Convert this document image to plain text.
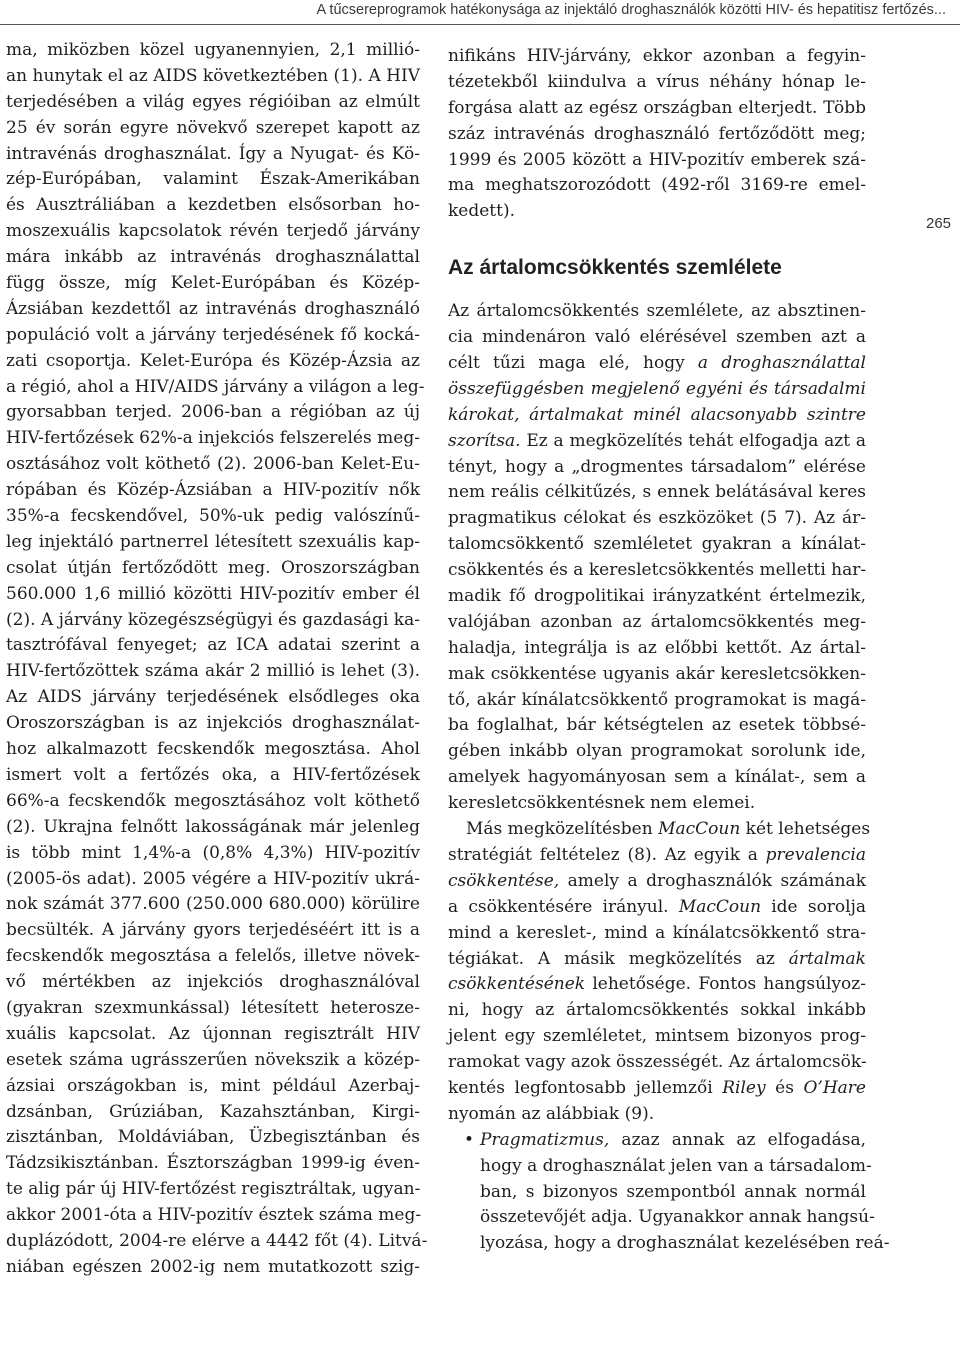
A tűcsereprogramok hatékonysága az injektáló droghasználók közötti HIV- és hepatitisz fertőzés...
265
ma, miközben közel ugyanennyien, 2,1 millió-
an hunytak el az AIDS következtében (1). A HIV
terjedésében a világ egyes régióiban az elmúlt
25 év során egyre növekvő szerepet kapott az
intravénás droghasználat. Így a Nyugat- és Kö-
zép-Európában, valamint Észak-Amerikában
és Ausztráliában a kezdetben elsősorban ho-
moszexuális kapcsolatok révén terjedő járvány
mára inkább az intravénás droghasználattal
függ össze, míg Kelet-Európában és Közép-
Ázsiában kezdettől az intravénás droghasználó
populáció volt a járvány terjedésének fő kocká-
zati csoportja. Kelet-Európa és Közép-Ázsia az
a régió, ahol a HIV/AIDS járvány a világon a leg-
gyorsabban terjed. 2006-ban a régióban az új
HIV-fertőzések 62%-a injekciós felszerelés meg-
osztásához volt köthető (2). 2006-ban Kelet-Eu-
rópában és Közép-Ázsiában a HIV-pozitív nők
35%-a fecskendővel, 50%-uk pedig valószínű-
leg injektáló partnerrel létesített szexuális kap-
csolat útján fertőződött meg. Oroszországban
560.000 1,6 millió közötti HIV-pozitív ember él
(2). A járvány közegészségügyi és gazdasági ka-
tasztrófával fenyeget; az ICA adatai szerint a
HIV-fertőzöttek száma akár 2 millió is lehet (3).
Az AIDS járvány terjedésének elsődleges oka
Oroszországban is az injekciós droghasználat-
hoz alkalmazott fecskendők megosztása. Ahol
ismert volt a fertőzés oka, a HIV-fertőzések
66%-a fecskendők megosztásához volt köthető
(2). Ukrajna felnőtt lakosságának már jelenleg
is több mint 1,4%-a (0,8% 4,3%) HIV-pozitív
(2005-ös adat). 2005 végére a HIV-pozitív ukrá-
nok számát 377.600 (250.000 680.000) körülire
becsülték. A járvány gyors terjedéséért itt is a
fecskendők megosztása a felelős, illetve növek-
vő mértékben az injekciós droghasználóval
(gyakran szexmunkással) létesített heterosze-
xuális kapcsolat. Az újonnan regisztrált HIV
esetek száma ugrásszerűen növekszik a közép-
ázsiai országokban is, mint például Azerbaj-
dzsánban, Grúziában, Kazahsztánban, Kirgi-
zisztánban, Moldáviában, Üzbegisztánban és
Tádzsikisztánban. Észtországban 1999-ig éven-
te alig pár új HIV-fertőzést regisztráltak, ugyan-
akkor 2001-óta a HIV-pozitív észtek száma meg-
duplázódott, 2004-re elérve a 4442 főt (4). Litvá-
niában egészen 2002-ig nem mutatkozott szig-
nifikáns HIV-járvány, ekkor azonban a fegyin-
tézetekből kiindulva a vírus néhány hónap le-
forgása alatt az egész országban elterjedt. Több
száz intravénás droghasználó fertőződött meg;
1999 és 2005 között a HIV-pozitív emberek szá-
ma meghatszorozódott (492-ről 3169-re emel-
kedett).
Az ártalomcsökkentés szemlélete
Az ártalomcsökkentés szemlélete, az absztinen-
cia mindenáron való elérésével szemben azt a
célt tűzi maga elé, hogy a droghasználattal
összefüggésben megjelenő egyéni és társadalmi
károkat, ártalmakat minél alacsonyabb szintre
szorítsa. Ez a megközelítés tehát elfogadja azt a
tényt, hogy a „drogmentes társadalom” elérése
nem reális célkitűzés, s ennek belátásával keres
pragmatikus célokat és eszközöket (5 7). Az ár-
talomcsökkentő szemléletet gyakran a kínálat-
csökkentés és a keresletcsökkentés melletti har-
madik fő drogpolitikai irányzatként értelmezik,
valójában azonban az ártalomcsökkentés meg-
haladja, integrálja is az előbbi kettőt. Az ártal-
mak csökkentése ugyanis akár keresletcsökken-
tő, akár kínálatcsökkentő programokat is magá-
ba foglalhat, bár kétségtelen az esetek többsé-
gében inkább olyan programokat sorolunk ide,
amelyek hagyományosan sem a kínálat-, sem a
keresletcsökkentésnek nem elemei.
Más megközelítésben MacCoun két lehetséges
stratégiát feltételez (8). Az egyik a prevalencia
csökkentése, amely a droghasználók számának
a csökkentésére irányul. MacCoun ide sorolja
mind a kereslet-, mind a kínálatcsökkentő stra-
tégiákat. A másik megközelítés az ártalmak
csökkentésének lehetősége. Fontos hangsúlyoz-
ni, hogy az ártalomcsökkentés sokkal inkább
jelent egy szemléletet, mintsem bizonyos prog-
ramokat vagy azok összességét. Az ártalomcsök-
kentés legfontosabb jellemzői Riley és O’Hare
nyomán az alábbiak (9).
• Pragmatizmus, azaz annak az elfogadása,
hogy a droghasználat jelen van a társadalom-
ban, s bizonyos szempontból annak normál
összetevőjét adja. Ugyanakkor annak hangsú-
lyozása, hogy a droghasználat kezelésében reá-
